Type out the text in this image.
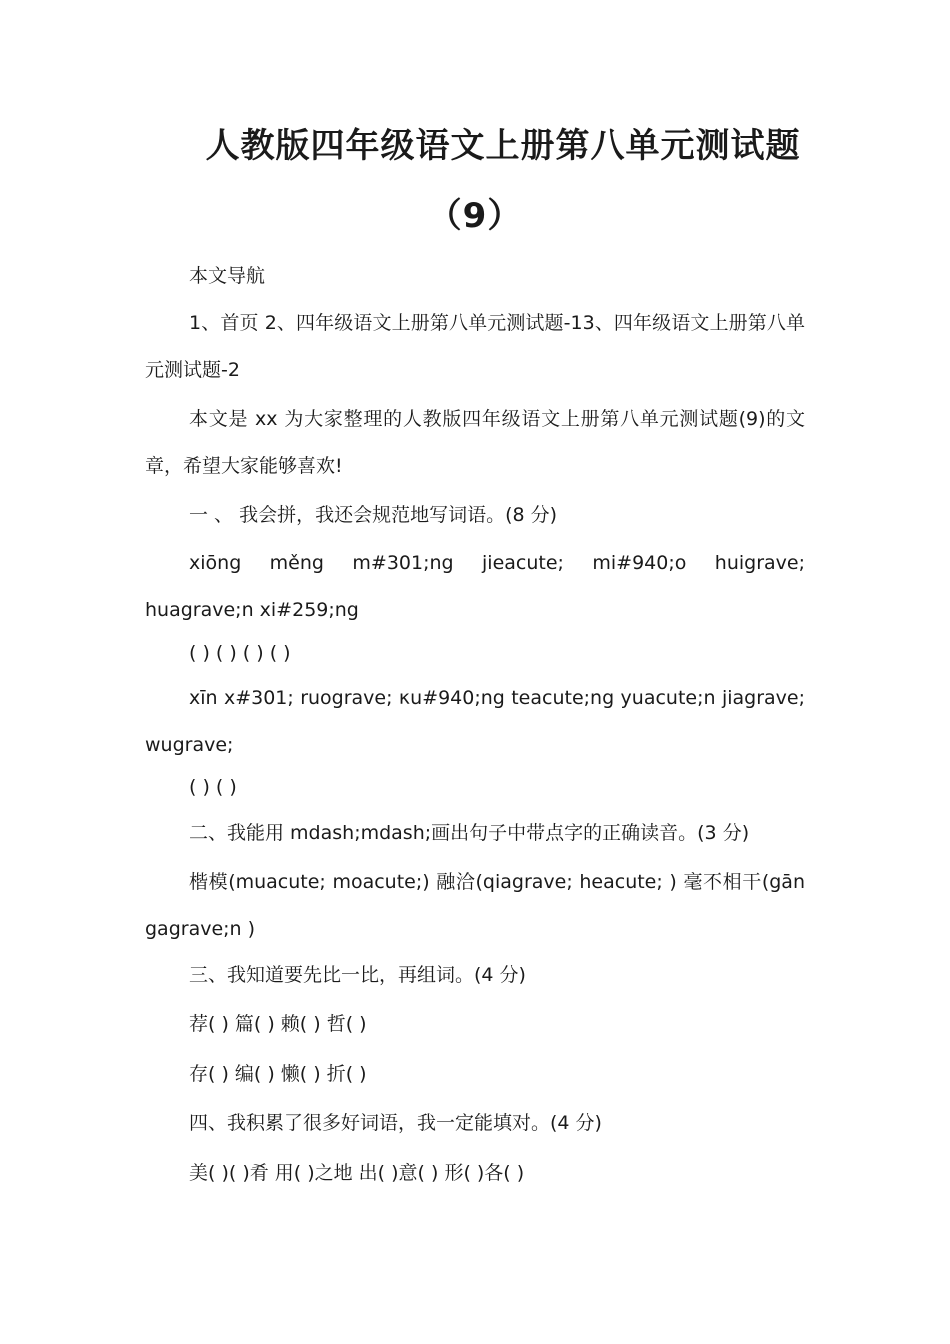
人教版四年级语文上册第八单元测试题
（9）

本文导航

1、首页 2、四年级语文上册第八单元测试题-13、四年级语文上册第八单元测试题-2

本文是 xx 为大家整理的人教版四年级语文上册第八单元测试题(9)的文章，希望大家能够喜欢!

一 、 我会拼，我还会规范地写词语。(8 分)

xiōng měng m#301;ng jieacute; mi#940;o huigrave; huagrave;n xi#259;ng

( ) ( ) ( ) ( )

xīn x#301; ruograve; κu#940;ng teacute;ng yuacute;n jiagrave; wugrave;

( ) ( )

二、我能用 mdash;mdash;画出句子中带点字的正确读音。(3 分)

楷模(muacute; moacute;) 融洽(qiagrave; heacute; ) 毫不相干(gān gagrave;n )

三、我知道要先比一比，再组词。(4 分)

荐( ) 篇( ) 赖( ) 哲( )

存( ) 编( ) 懒( ) 折( )

四、我积累了很多好词语，我一定能填对。(4 分)

美( )( )肴 用( )之地 出( )意( ) 形( )各( )
